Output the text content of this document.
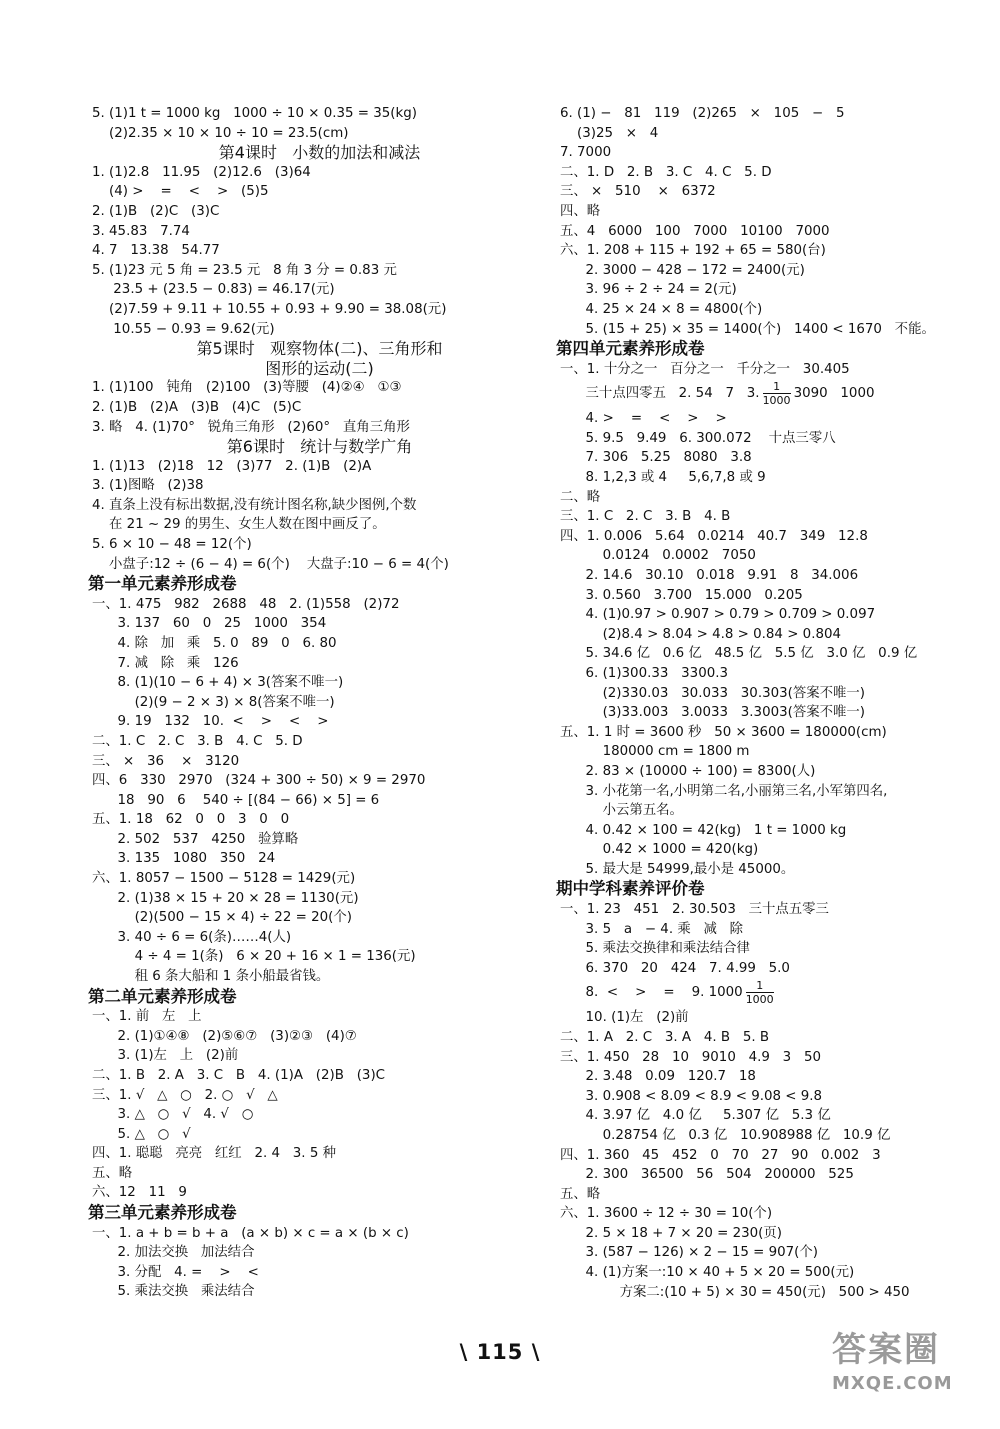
5. (1)1 t = 1000 kg   1000 ÷ 10 × 0.35 = 35(kg)
(2)2.35 × 10 × 10 ÷ 10 = 23.5(cm)
第4课时   小数的加法和减法
1. (1)2.8   11.95   (2)12.6   (3)64
(4) >    =    <    >   (5)5
2. (1)B   (2)C   (3)C
3. 45.83   7.74
4. 7   13.38   54.77
5. (1)23 元 5 角 = 23.5 元   8 角 3 分 = 0.83 元
23.5 + (23.5 − 0.83) = 46.17(元)
(2)7.59 + 9.11 + 10.55 + 0.93 + 9.90 = 38.08(元)
10.55 − 0.93 = 9.62(元)
第5课时   观察物体(二)、三角形和
图形的运动(二)
1. (1)100   钝角   (2)100   (3)等腰   (4)②④   ①③
2. (1)B   (2)A   (3)B   (4)C   (5)C
3. 略   4. (1)70°   锐角三角形   (2)60°   直角三角形
第6课时   统计与数学广角
1. (1)13   (2)18   12   (3)77   2. (1)B   (2)A
3. (1)图略   (2)38
4. 直条上没有标出数据,没有统计图名称,缺少图例,个数
在 21 ~ 29 的男生、女生人数在图中画反了。
5. 6 × 10 − 48 = 12(个)
小盘子:12 ÷ (6 − 4) = 6(个)    大盘子:10 − 6 = 4(个)
第一单元素养形成卷
一、1. 475   982   2688   48   2. (1)558   (2)72
3. 137   60   0   25   1000   354
4. 除   加   乘   5. 0   89   0   6. 80
7. 减   除   乘   126
8. (1)(10 − 6 + 4) × 3(答案不唯一)
(2)(9 − 2 × 3) × 8(答案不唯一)
9. 19   132   10.  <    >    <    >
二、1. C   2. C   3. B   4. C   5. D
三、 ×   36    ×   3120
四、6   330   2970   (324 + 300 ÷ 50) × 9 = 2970
18   90   6    540 ÷ [(84 − 66) × 5] = 6
五、1. 18   62   0   0   3   0   0
2. 502   537   4250   验算略
3. 135   1080   350   24
六、1. 8057 − 1500 − 5128 = 1429(元)
2. (1)38 × 15 + 20 × 28 = 1130(元)
(2)(500 − 15 × 4) ÷ 22 = 20(个)
3. 40 ÷ 6 = 6(条)……4(人)
4 ÷ 4 = 1(条)   6 × 20 + 16 × 1 = 136(元)
租 6 条大船和 1 条小船最省钱。
第二单元素养形成卷
一、1. 前   左   上
2. (1)①④⑧   (2)⑤⑥⑦   (3)②③   (4)⑦
3. (1)左   上   (2)前
二、1. B   2. A   3. C   B   4. (1)A   (2)B   (3)C
三、1. √   △   ○   2. ○   √   △
3. △   ○   √   4. √   ○
5. △   ○   √
四、1. 聪聪   亮亮   红红   2. 4   3. 5 种
五、略
六、12   11   9
第三单元素养形成卷
一、1. a + b = b + a   (a × b) × c = a × (b × c)
2. 加法交换   加法结合
3. 分配   4. =    >    <
5. 乘法交换   乘法结合
6. (1) −   81   119   (2)265   ×   105   −   5
(3)25   ×   4
7. 7000
二、1. D   2. B   3. C   4. C   5. D
三、 ×   510    ×   6372
四、略
五、4   6000   100   7000   10100   7000
六、1. 208 + 115 + 192 + 65 = 580(台)
2. 3000 − 428 − 172 = 2400(元)
3. 96 ÷ 2 ÷ 24 = 2(元)
4. 25 × 24 × 8 = 4800(个)
5. (15 + 25) × 35 = 1400(个)   1400 < 1670   不能。
第四单元素养形成卷
一、1. 十分之一   百分之一   千分之一   30.405
三十点四零五   2. 54   7   3. $\frac{1}{1000} 3090$   1000
4. >    =    <    >    >
5. 9.5   9.49   6. 300.072    十点三零八
7. 306   5.25   8080   3.8
8. 1,2,3 或 4     5,6,7,8 或 9
二、略
三、1. C   2. C   3. B   4. B
四、1. 0.006   5.64   0.0214   40.7   349   12.8
0.0124   0.0002   7050
2. 14.6   30.10   0.018   9.91   8   34.006
3. 0.560   3.700   15.000   0.205
4. (1)0.97 > 0.907 > 0.79 > 0.709 > 0.097
(2)8.4 > 8.04 > 4.8 > 0.84 > 0.804
5. 34.6 亿   0.6 亿   48.5 亿   5.5 亿   3.0 亿   0.9 亿
6. (1)300.33   3300.3
(2)330.03   30.033   30.303(答案不唯一)
(3)33.003   3.0033   3.3003(答案不唯一)
五、1. 1 时 = 3600 秒   50 × 3600 = 180000(cm)
180000 cm = 1800 m
2. 83 × (10000 ÷ 100) = 8300(人)
3. 小花第一名,小明第二名,小丽第三名,小军第四名,
小云第五名。
4. 0.42 × 100 = 42(kg)   1 t = 1000 kg
0.42 × 1000 = 420(kg)
5. 最大是 54999,最小是 45000。
期中学科素养评价卷
一、1. 23   451   2. 30.503   三十点五零三
3. 5   a   − 4. 乘   减   除
5. 乘法交换律和乘法结合律
6. 370   20   424   7. 4.99   5.0
8.  <    >    =    9. $1000 \frac{1}{1000}$
10. (1)左   (2)前
二、1. A   2. C   3. A   4. B   5. B
三、1. 450   28   10   9010   4.9   3   50
2. 3.48   0.09   120.7   18
3. 0.908 < 8.09 < 8.9 < 9.08 < 9.8
4. 3.97 亿   4.0 亿     5.307 亿   5.3 亿
0.28754 亿   0.3 亿   10.908988 亿   10.9 亿
四、1. 360   45   452   0   70   27   90   0.002   3
2. 300   36500   56   504   200000   525
五、略
六、1. 3600 ÷ 12 ÷ 30 = 10(个)
2. 5 × 18 + 7 × 20 = 230(页)
3. (587 − 126) × 2 − 15 = 907(个)
4. (1)方案一:10 × 40 + 5 × 20 = 500(元)
方案二:(10 + 5) × 30 = 450(元)   500 > 450
\ 115 \	答案圈
MXQE.COM
